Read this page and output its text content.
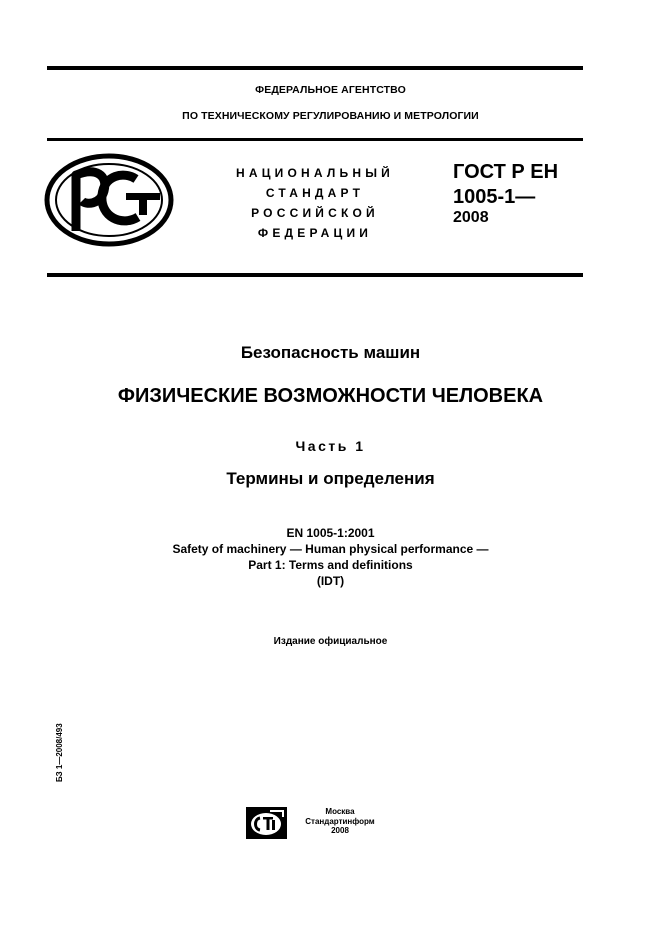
ФЕДЕРАЛЬНОЕ АГЕНТСТВО
ПО ТЕХНИЧЕСКОМУ РЕГУЛИРОВАНИЮ И МЕТРОЛОГИИ
НАЦИОНАЛЬНЫЙ
СТАНДАРТ
РОССИЙСКОЙ
ФЕДЕРАЦИИ
ГОСТ Р ЕН
1005-1—
2008
Безопасность машин
ФИЗИЧЕСКИЕ ВОЗМОЖНОСТИ ЧЕЛОВЕКА
Часть 1
Термины и определения
EN 1005-1:2001
Safety of machinery — Human physical performance —
Part 1: Terms and definitions
(IDT)
Издание официальное
БЗ 1—2008/493
Москва
Стандартинформ
2008
